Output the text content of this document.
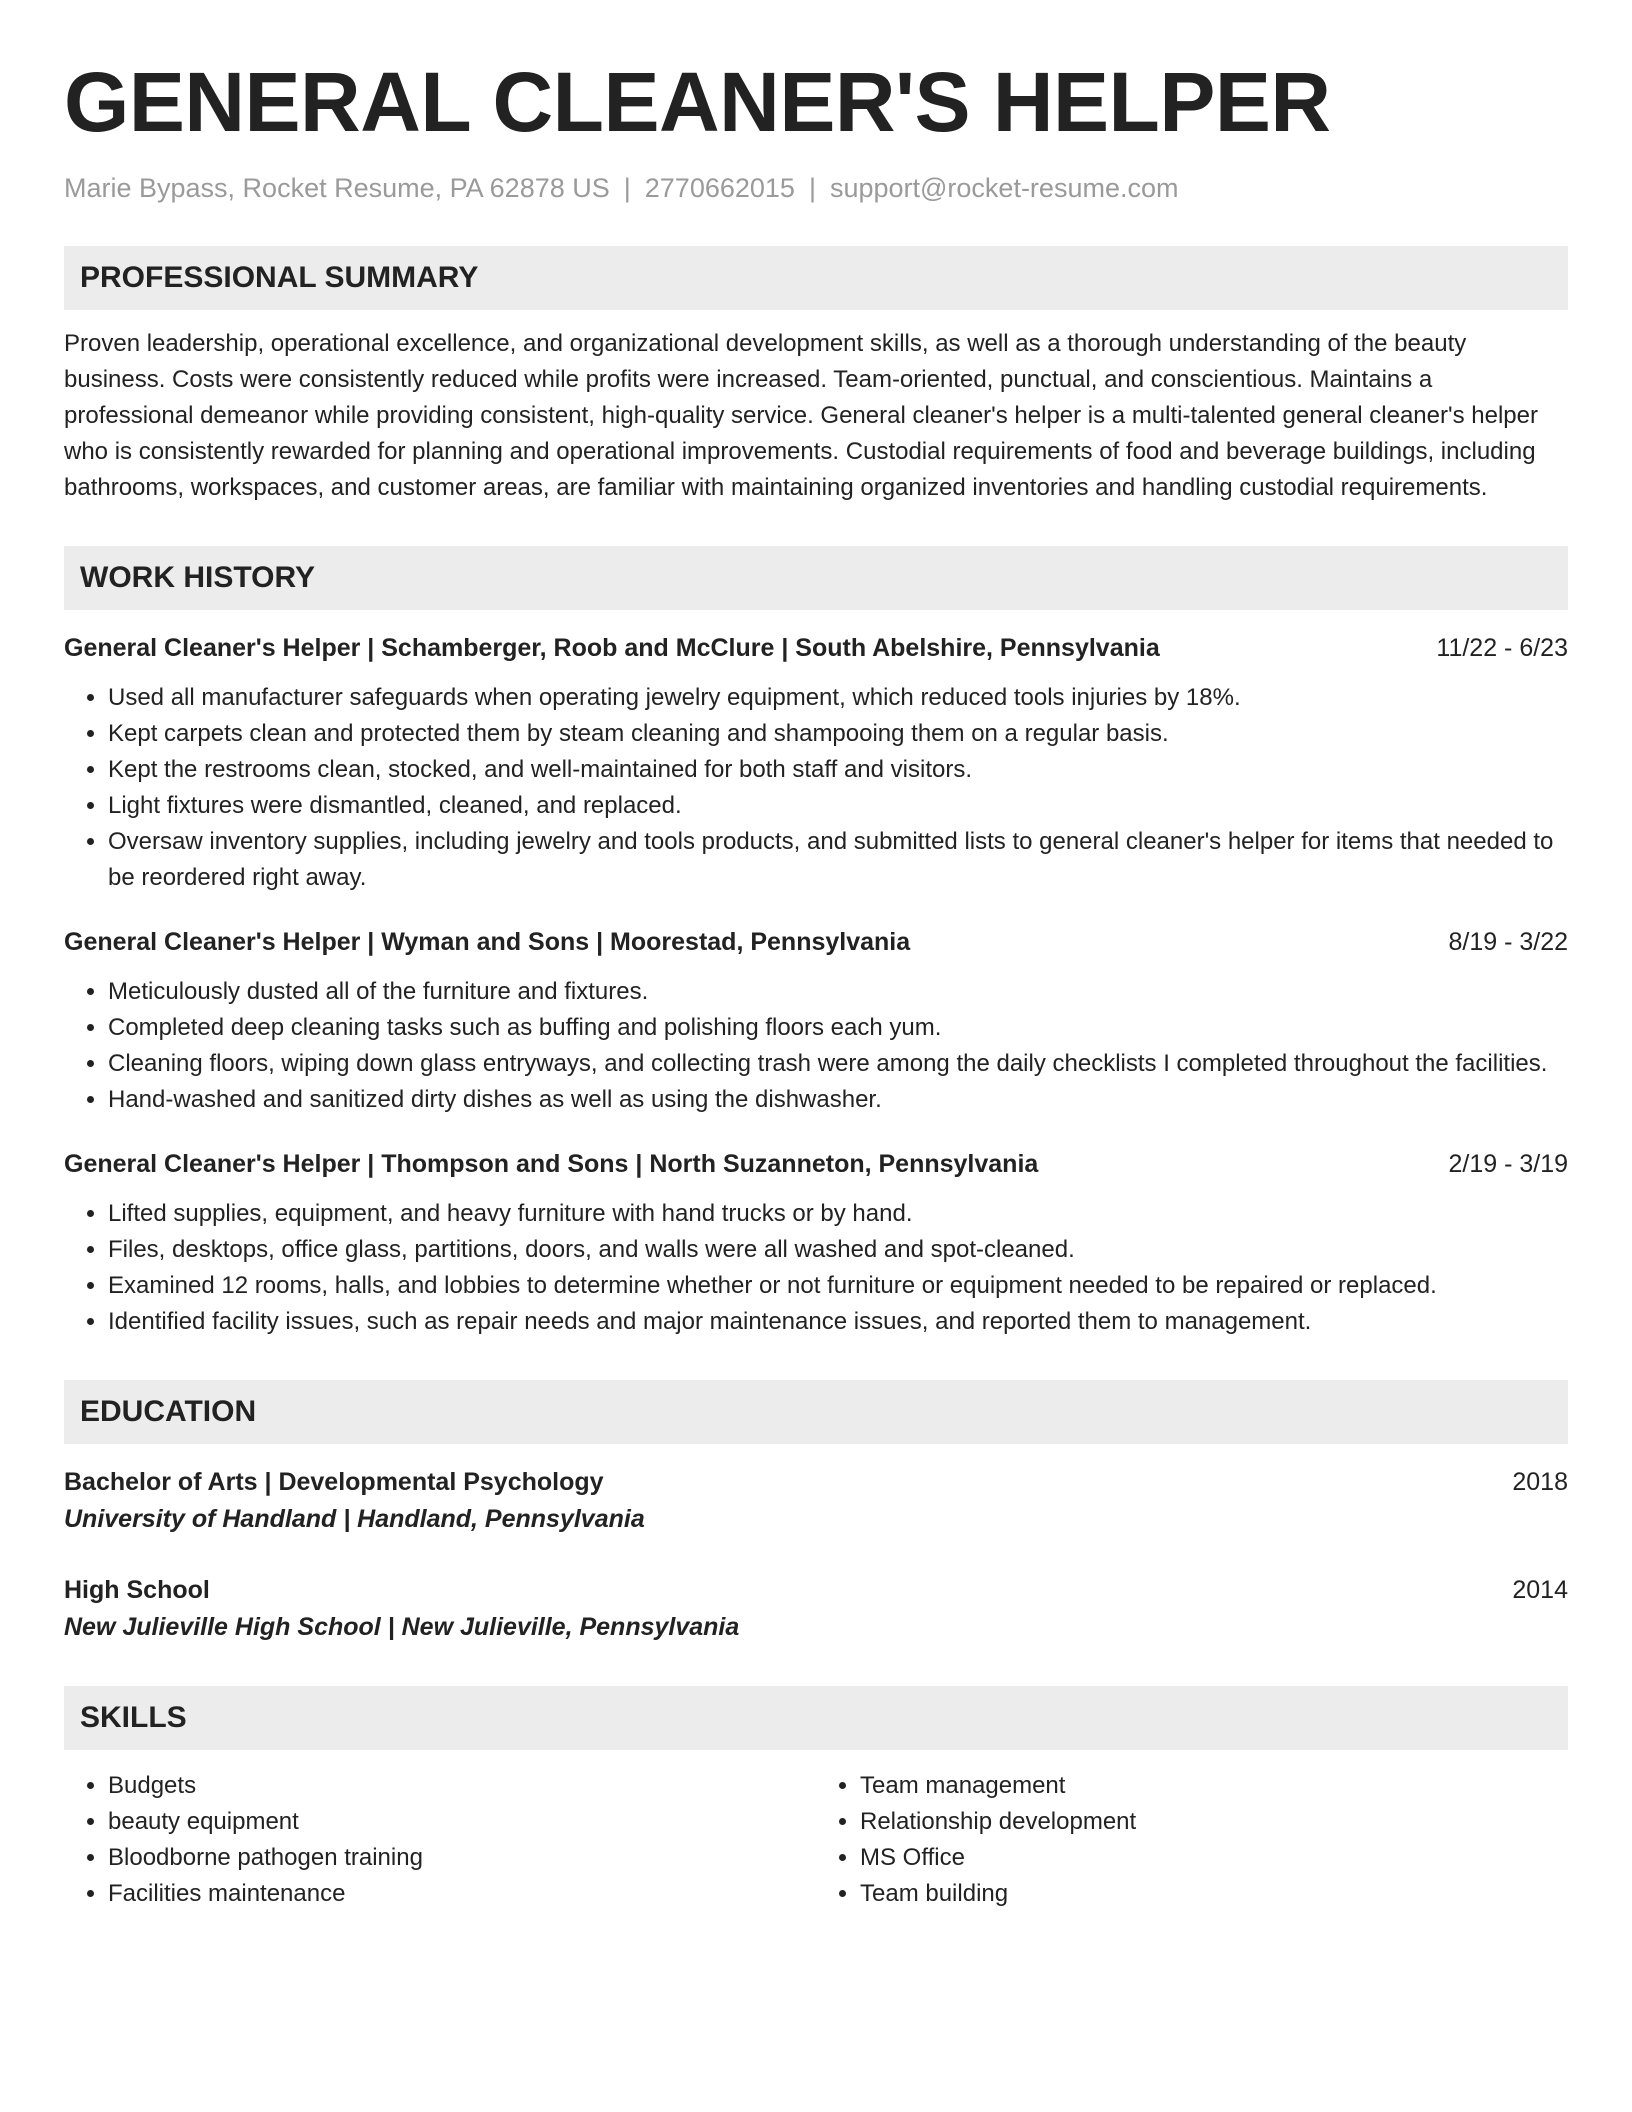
GENERAL CLEANER'S HELPER
Marie Bypass, Rocket Resume, PA 62878 US | 2770662015 | support@rocket-resume.com
PROFESSIONAL SUMMARY
Proven leadership, operational excellence, and organizational development skills, as well as a thorough understanding of the beauty business. Costs were consistently reduced while profits were increased. Team-oriented, punctual, and conscientious. Maintains a professional demeanor while providing consistent, high-quality service. General cleaner's helper is a multi-talented general cleaner's helper who is consistently rewarded for planning and operational improvements. Custodial requirements of food and beverage buildings, including bathrooms, workspaces, and customer areas, are familiar with maintaining organized inventories and handling custodial requirements.
WORK HISTORY
General Cleaner's Helper | Schamberger, Roob and McClure | South Abelshire, Pennsylvania	11/22 - 6/23
• Used all manufacturer safeguards when operating jewelry equipment, which reduced tools injuries by 18%.
• Kept carpets clean and protected them by steam cleaning and shampooing them on a regular basis.
• Kept the restrooms clean, stocked, and well-maintained for both staff and visitors.
• Light fixtures were dismantled, cleaned, and replaced.
• Oversaw inventory supplies, including jewelry and tools products, and submitted lists to general cleaner's helper for items that needed to be reordered right away.
General Cleaner's Helper | Wyman and Sons | Moorestad, Pennsylvania	8/19 - 3/22
• Meticulously dusted all of the furniture and fixtures.
• Completed deep cleaning tasks such as buffing and polishing floors each yum.
• Cleaning floors, wiping down glass entryways, and collecting trash were among the daily checklists I completed throughout the facilities.
• Hand-washed and sanitized dirty dishes as well as using the dishwasher.
General Cleaner's Helper | Thompson and Sons | North Suzanneton, Pennsylvania	2/19 - 3/19
• Lifted supplies, equipment, and heavy furniture with hand trucks or by hand.
• Files, desktops, office glass, partitions, doors, and walls were all washed and spot-cleaned.
• Examined 12 rooms, halls, and lobbies to determine whether or not furniture or equipment needed to be repaired or replaced.
• Identified facility issues, such as repair needs and major maintenance issues, and reported them to management.
EDUCATION
Bachelor of Arts | Developmental Psychology	2018
University of Handland | Handland, Pennsylvania
High School	2014
New Julieville High School | New Julieville, Pennsylvania
SKILLS
• Budgets
• beauty equipment
• Bloodborne pathogen training
• Facilities maintenance
• Team management
• Relationship development
• MS Office
• Team building
